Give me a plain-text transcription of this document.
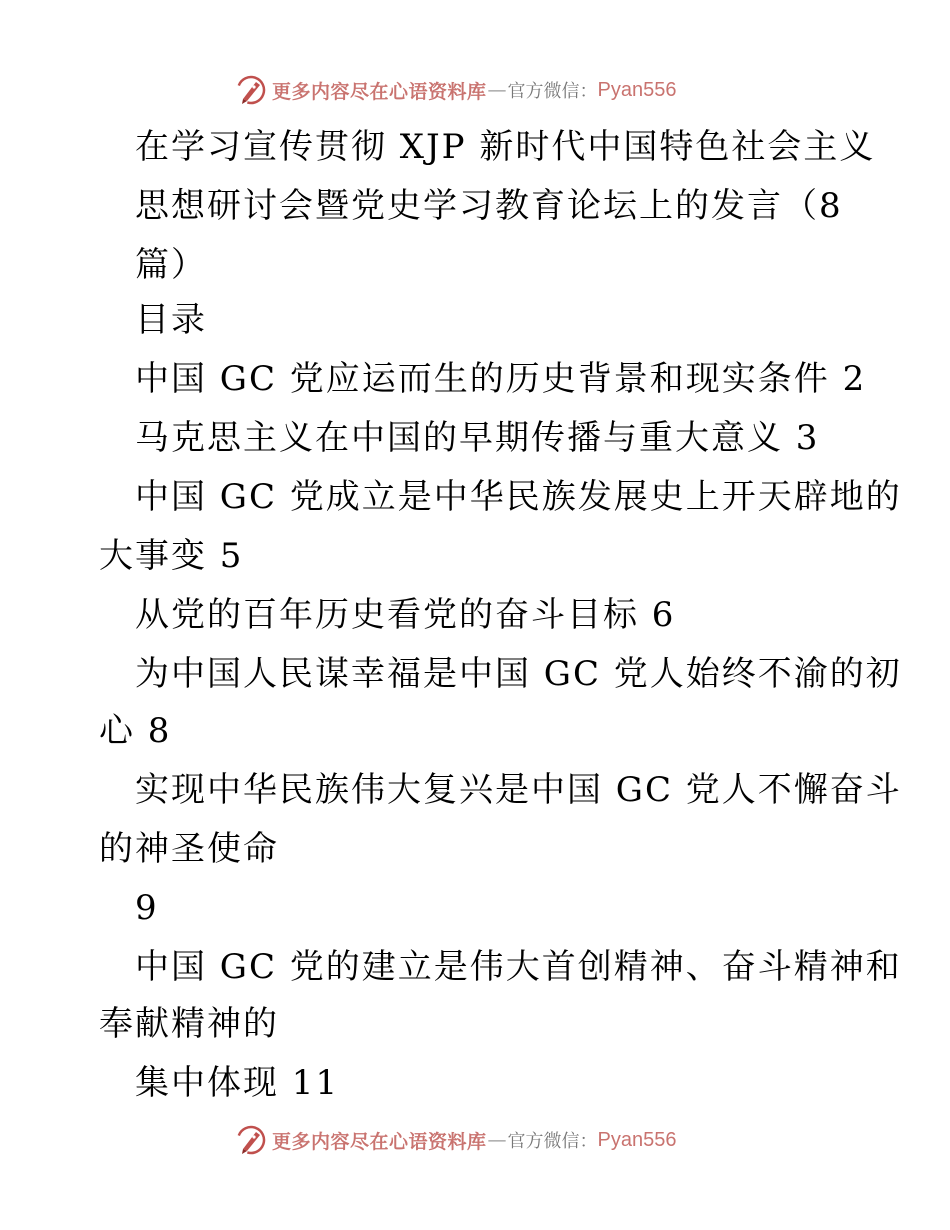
更多内容尽在心语资料库 — 官方微信： Pyan556
在学习宣传贯彻 XJP 新时代中国特色社会主义
思想研讨会暨党史学习教育论坛上的发言（8
篇）
目录
中国 GC 党应运而生的历史背景和现实条件 2
马克思主义在中国的早期传播与重大意义 3
中国 GC 党成立是中华民族发展史上开天辟地的
大事变 5
从党的百年历史看党的奋斗目标 6
为中国人民谋幸福是中国 GC 党人始终不渝的初
心 8
实现中华民族伟大复兴是中国 GC 党人不懈奋斗
的神圣使命
9
中国 GC 党的建立是伟大首创精神、奋斗精神和
奉献精神的
集中体现 11
更多内容尽在心语资料库 — 官方微信： Pyan556
